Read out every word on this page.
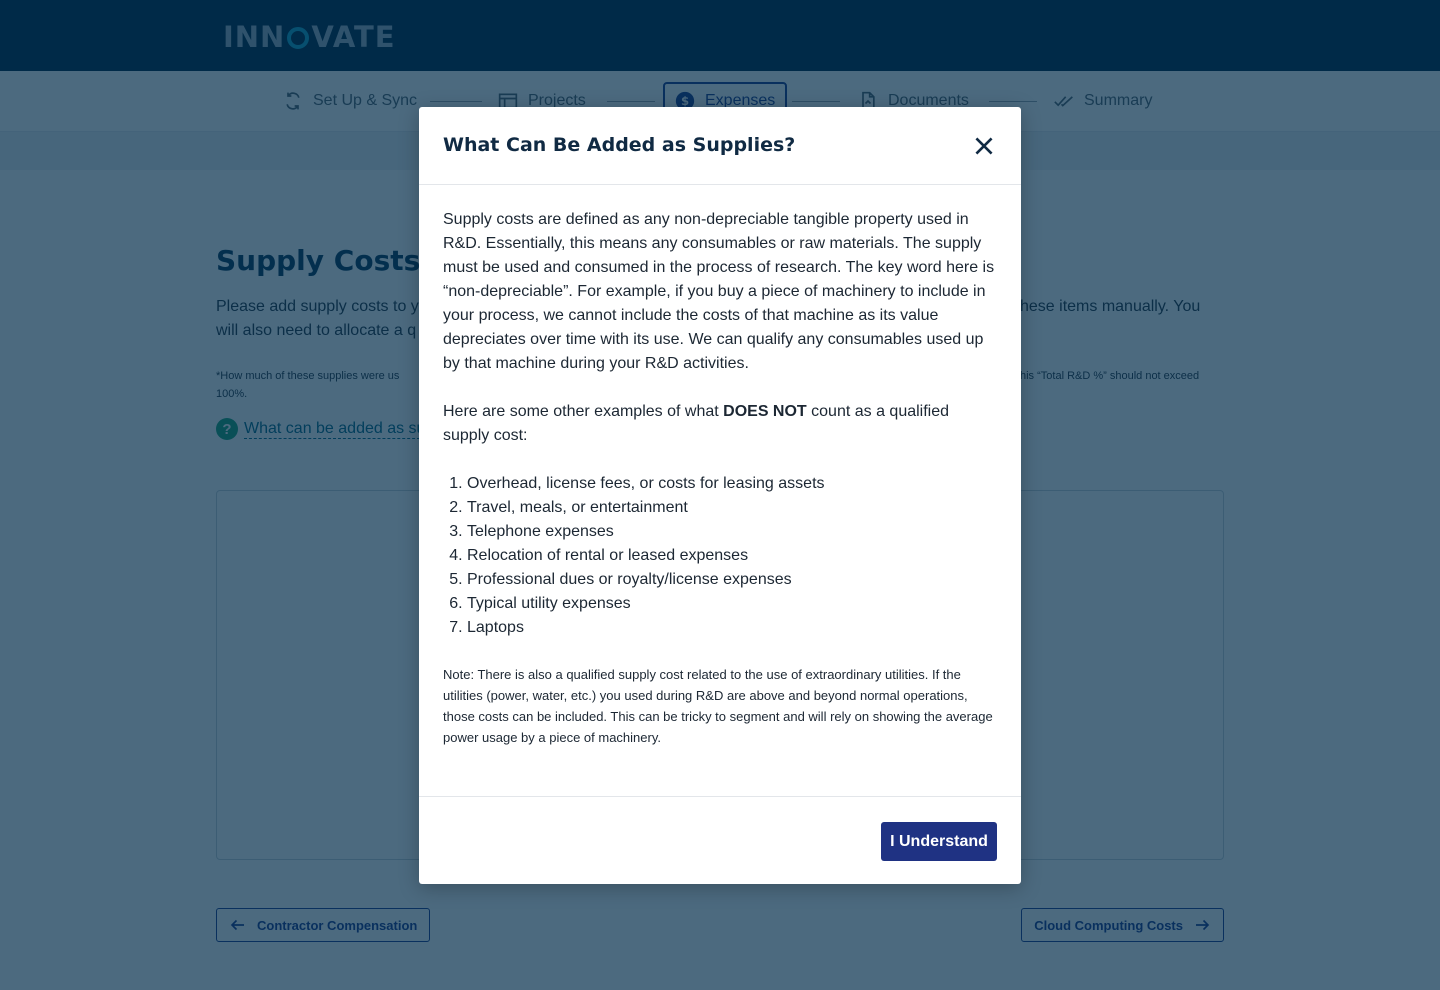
What Can Be Added as Supplies?

Supply costs are defined as any non-depreciable tangible property used in R&D. Essentially, this means any consumables or raw materials. The supply must be used and consumed in the process of research. The key word here is “non-depreciable”. For example, if you buy a piece of machinery to include in your process, we cannot include the costs of that machine as its value depreciates over time with its use. We can qualify any consumables used up by that machine during your R&D activities.

Here are some other examples of what DOES NOT count as a qualified supply cost:

1. Overhead, license fees, or costs for leasing assets
2. Travel, meals, or entertainment
3. Telephone expenses
4. Relocation of rental or leased expenses
5. Professional dues or royalty/license expenses
6. Typical utility expenses
7. Laptops

Note: There is also a qualified supply cost related to the use of extraordinary utilities. If the utilities (power, water, etc.) you used during R&D are above and beyond normal operations, those costs can be included. This can be tricky to segment and will rely on showing the average power usage by a piece of machinery.

I Understand
